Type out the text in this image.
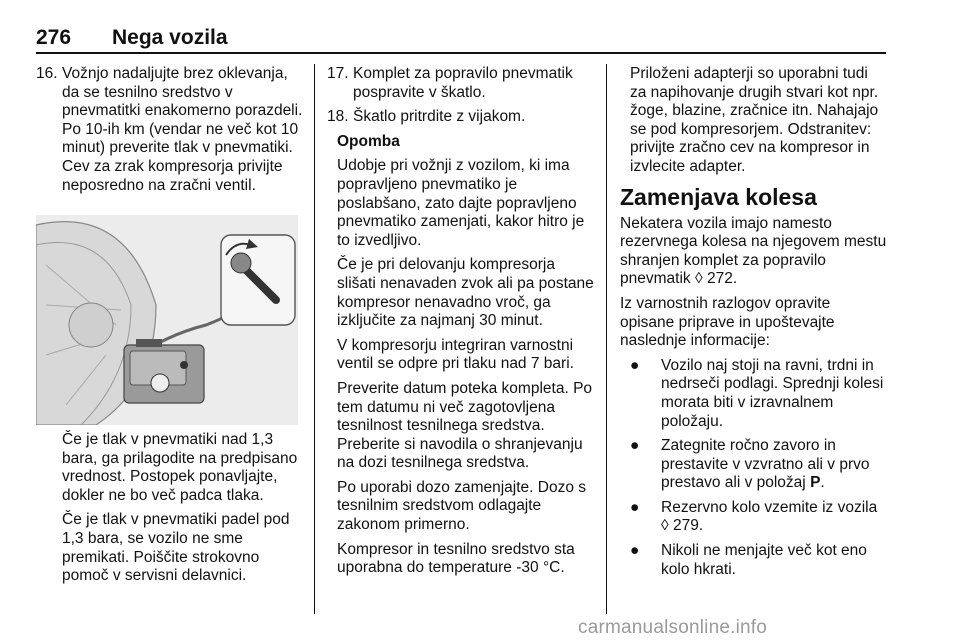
276 Nega vozila
16. Vožnjo nadaljujte brez oklevanja, da se tesnilno sredstvo v pnevmatitki enakomerno porazdeli. Po 10-ih km (vendar ne več kot 10 minut) preverite tlak v pnevmatiki. Cev za zrak kompresorja privijte neposredno na zračni ventil.

Če je tlak v pnevmatiki nad 1,3 bara, ga prilagodite na predpisano vrednost. Postopek ponavljajte, dokler ne bo več padca tlaka.

Če je tlak v pnevmatiki padel pod 1,3 bara, se vozilo ne sme premikati. Poiščite strokovno pomoč v servisni delavnici.

17. Komplet za popravilo pnevmatik pospravite v škatlo.
18. Škatlo pritrdite z vijakom.

Opomba

Udobje pri vožnji z vozilom, ki ima popravljeno pnevmatiko je poslabšano, zato dajte popravljeno pnevmatiko zamenjati, kakor hitro je to izvedljivo.

Če je pri delovanju kompresorja slišati nenavaden zvok ali pa postane kompresor nenavadno vroč, ga izključite za najmanj 30 minut.

V kompresorju integriran varnostni ventil se odpre pri tlaku nad 7 bari.

Preverite datum poteka kompleta. Po tem datumu ni več zagotovljena tesnilnost tesnilnega sredstva. Preberite si navodila o shranjevanju na dozi tesnilnega sredstva.

Po uporabi dozo zamenjajte. Dozo s tesnilnim sredstvom odlagajte zakonom primerno.

Kompresor in tesnilno sredstvo sta uporabna do temperature -30 °C.

Priloženi adapterji so uporabni tudi za napihovanje drugih stvari kot npr. žoge, blazine, zračnice itn. Nahajajo se pod kompresorjem. Odstranitev: privijte zračno cev na kompresor in izvlecite adapter.

Zamenjava kolesa

Nekatera vozila imajo namesto rezervnega kolesa na njegovem mestu shranjen komplet za popravilo pnevmatik ◊ 272.

Iz varnostnih razlogov opravite opisane priprave in upoštevajte naslednje informacije:

● Vozilo naj stoji na ravni, trdni in nedrseči podlagi. Sprednji kolesi morata biti v izravnalnem položaju.
● Zategnite ročno zavoro in prestavite v vzvratno ali v prvo prestavo ali v položaj P.
● Rezervno kolo vzemite iz vozila
◊ 279.
● Nikoli ne menjajte več kot eno kolo hkrati.
carmanualsonline.info
